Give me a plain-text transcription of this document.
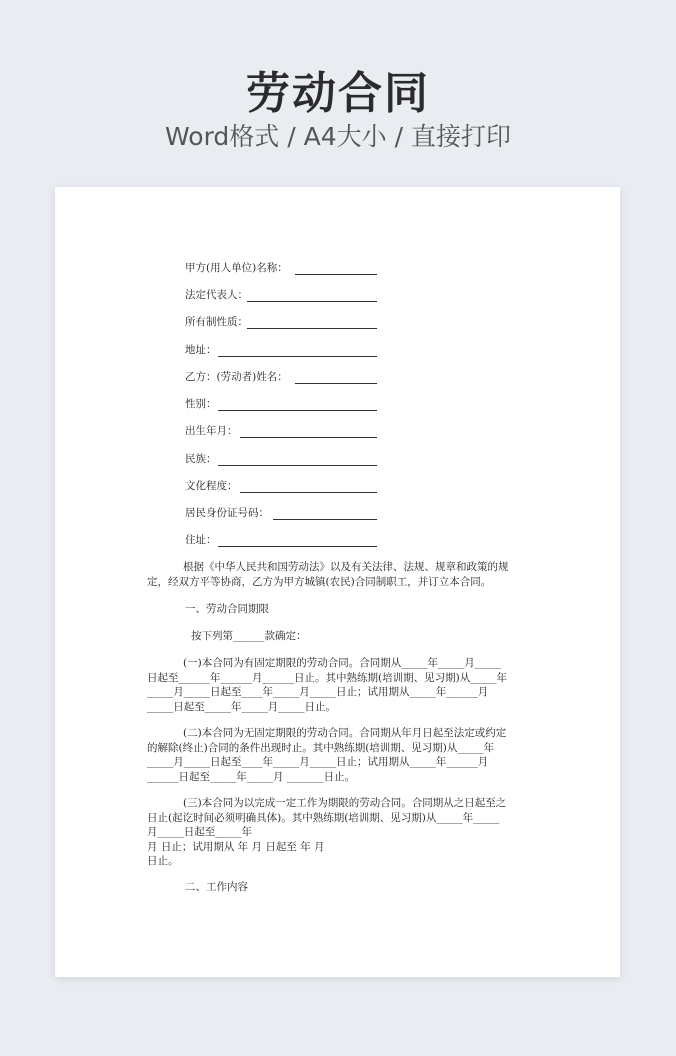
劳动合同
Word格式 / A4大小 / 直接打印
甲方(用人单位)名称：
法定代表人：
所有制性质：
地址：
乙方：(劳动者)姓名：
性别：
出生年月：
民族：
文化程度：
居民身份证号码：
住址：
根据《中华人民共和国劳动法》以及有关法律、法规、规章和政策的规
定，经双方平等协商，乙方为甲方城镇(农民)合同制职工，并订立本合同。
一、劳动合同期限
按下列第______款确定：
(一)本合同为有固定期限的劳动合同。合同期从_____年_____月_____
日起至______年______月______日止。其中熟练期(培训期、见习期)从_____年
_____月_____日起至____年_____月_____日止；试用期从_____年______月
_____日起至_____年_____月_____日止。
(二)本合同为无固定期限的劳动合同。合同期从年月日起至法定或约定
的解除(终止)合同的条件出现时止。其中熟练期(培训期、见习期)从_____年
_____月_____日起至____年_____月_____日止；试用期从_____年______月
______日起至_____年_____月 _______日止。
(三)本合同为以完成一定工作为期限的劳动合同。合同期从之日起至之
日止(起讫时间必须明确具体)。其中熟练期(培训期、见习期)从_____年_____
月_____日起至_____年
月 日止；试用期从 年 月 日起至 年 月
日止。
二、工作内容
